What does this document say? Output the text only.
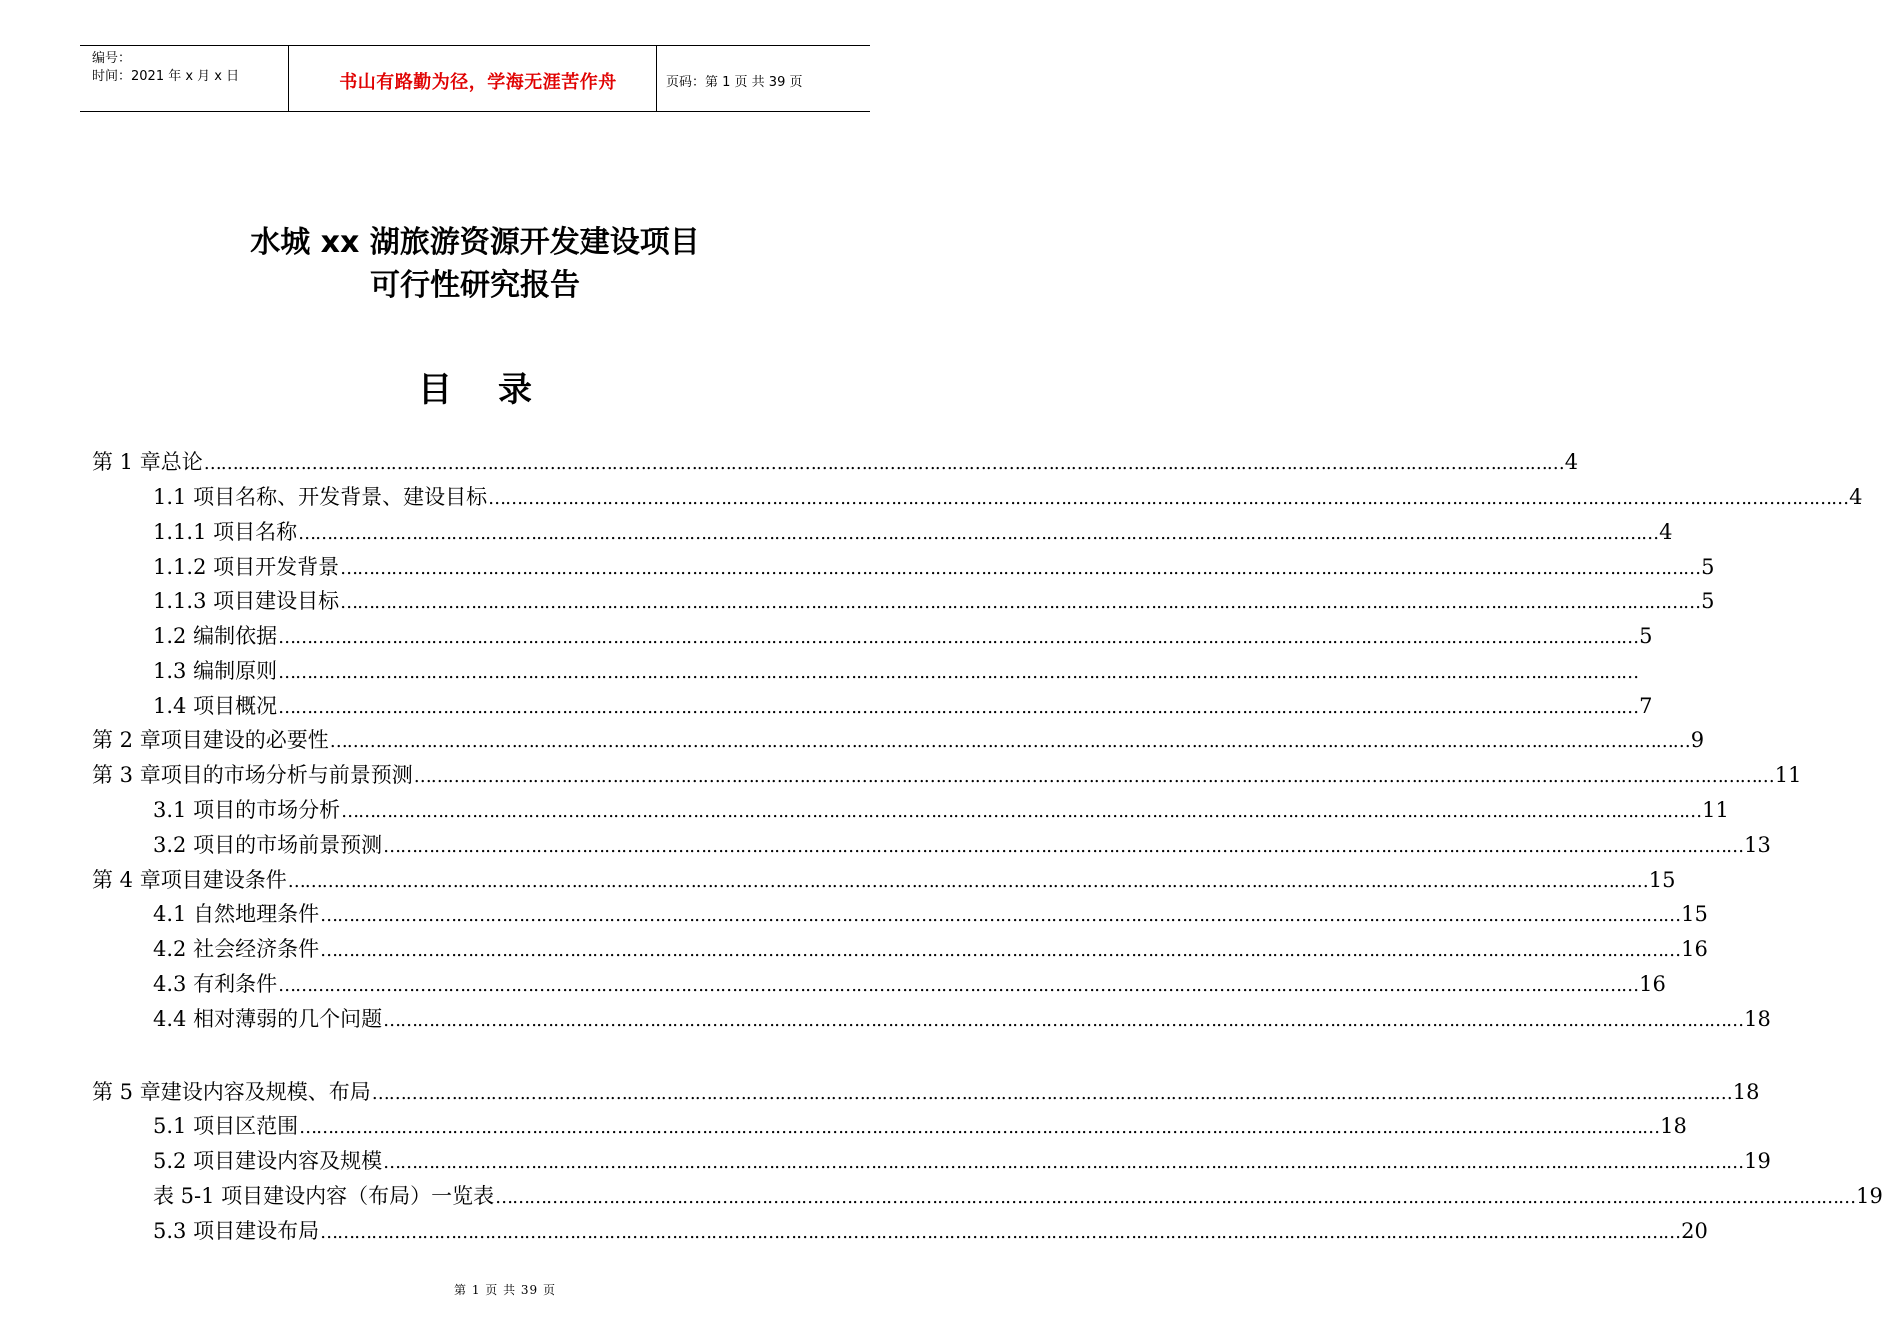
编号：
时间：2021 年 x 月 x 日	书山有路勤为径，学海无涯苦作舟	页码：第 1 页 共 39 页
水城 xx 湖旅游资源开发建设项目
可行性研究报告
目录
第 1 章 总论 …………………………………………………………………………………………………………………………………………………………………………………………………………………… 4
1.1 项目名称、开发背景、建设目标 …………………………………………………………………………………………………………………………………………………………………………………………………………………… 4
1.1.1 项目名称 …………………………………………………………………………………………………………………………………………………………………………………………………………………… 4
1.1.2 项目开发背景 …………………………………………………………………………………………………………………………………………………………………………………………………………………… 5
1.1.3 项目建设目标 …………………………………………………………………………………………………………………………………………………………………………………………………………………… 5
1.2 编制依据 …………………………………………………………………………………………………………………………………………………………………………………………………………………… 5
1.3 编制原则 ……………………………………………………………………………………………………………………………………………………………………………………………………………………
1.4 项目概况 …………………………………………………………………………………………………………………………………………………………………………………………………………………… 7
第 2 章 项目建设的必要性 …………………………………………………………………………………………………………………………………………………………………………………………………………………… 9
第 3 章 项目的市场分析与前景预测 …………………………………………………………………………………………………………………………………………………………………………………………………………………… 11
3.1 项目的市场分析 …………………………………………………………………………………………………………………………………………………………………………………………………………………… 11
3.2 项目的市场前景预测 …………………………………………………………………………………………………………………………………………………………………………………………………………………… 13
第 4 章 项目建设条件 …………………………………………………………………………………………………………………………………………………………………………………………………………………… 15
4.1 自然地理条件 …………………………………………………………………………………………………………………………………………………………………………………………………………………… 15
4.2 社会经济条件 …………………………………………………………………………………………………………………………………………………………………………………………………………………… 16
4.3 有利条件 …………………………………………………………………………………………………………………………………………………………………………………………………………………… 16
4.4 相对薄弱的几个问题 …………………………………………………………………………………………………………………………………………………………………………………………………………………… 18
第 5 章 建设内容及规模、布局 …………………………………………………………………………………………………………………………………………………………………………………………………………………… 18
5.1 项目区范围 …………………………………………………………………………………………………………………………………………………………………………………………………………………… 18
5.2 项目建设内容及规模 …………………………………………………………………………………………………………………………………………………………………………………………………………………… 19
表 5-1 项目建设内容（布局）一览表 …………………………………………………………………………………………………………………………………………………………………………………………………………………… 19
5.3 项目建设布局 …………………………………………………………………………………………………………………………………………………………………………………………………………………… 20
第 1 页 共 39 页
